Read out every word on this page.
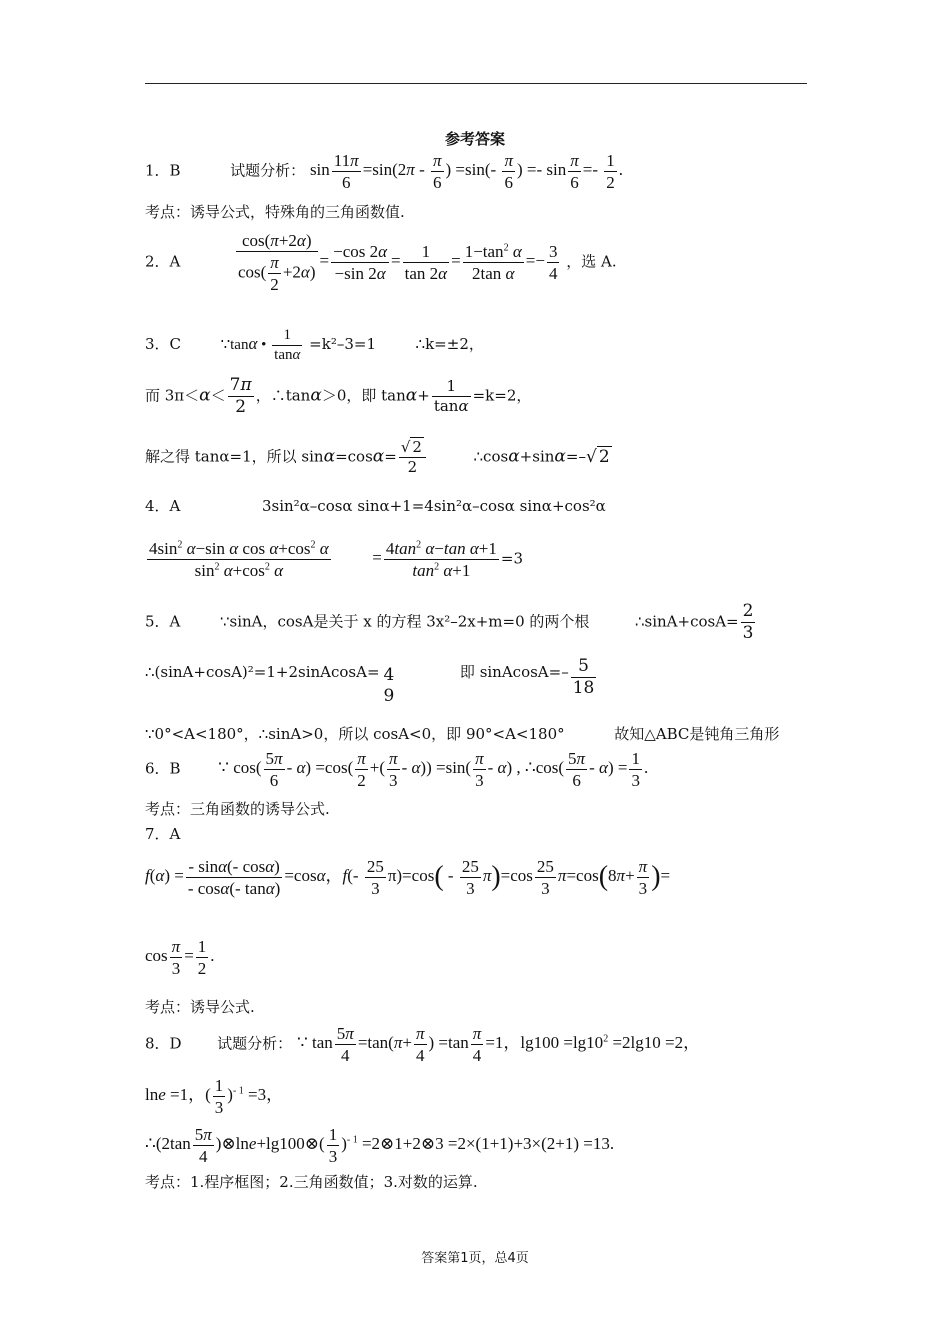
参考答案
1．B	试题分析： $\sin \frac{11\pi}{6} =\sin(2\pi - \frac{\pi}{6}$ ) $=\sin(- \frac{\pi}{6}$ ) =- $\sin \frac{\pi}{6} =- \frac{1}{2}$ .
考点：诱导公式，特殊角的三角函数值.
2．A	$\frac{\cos(\pi+2\alpha)}{\cos( \frac{\pi}{2} +2\alpha)} = \frac{-\cos 2\alpha}{-\sin 2\alpha} = \frac{1}{\tan 2\alpha} = \frac{1-\tan^2 \alpha}{\text{2tan α}} =- \frac{3}{4}$ ，选 A.
3．C	∵tanα • $\frac{1}{\tan\alpha} =k^2-3=1$	∴k=±2，
而 $3\pi<\alpha< \frac{7\pi}{2}$ ，∴tanα＞0，即 $\tan\alpha+ \frac{1}{\tan\alpha} =k=2$，
解之得 tanα=1，所以 $\sin\alpha=\cos\alpha= \frac{√ 2}{2}$	∴cosα+sinα=–√ 2
4．A	3sin²α–cosα sinα+1=4sin²α–cosα sinα+cos²α
$\frac{4\sin^2 \alpha-\sin \alpha \cos \alpha+\cos^2 \alpha}{\sin^2 \alpha+\cos^2 \alpha} = \frac{4\tan^2 \alpha-\tan \alpha+1}{\tan^2 \alpha+1} =3$
5．A	∵sinA，cosA是关于 x 的方程 3x²–2x+m=0 的两个根	∴sinA+cosA= $\frac{2}{3}$
∴(sinA+cosA)²=1+2sinAcosA= 4
9
即 sinAcosA=– $\frac{5}{18}$
∵0°<A<180°，∴sinA>0，所以 cosA<0，即 90°<A<180°	故知△ABC是钝角三角形
6．B ∵ $\cos( \frac{5\pi}{6} - \alpha) =\cos( \frac{\pi}{2}$ +( $\frac{\pi}{3} - \alpha)) =\sin( \frac{\pi}{3} - \alpha)$ , ∴cos( $\frac{5\pi}{6} - \alpha) = \frac{1}{3}$ .
考点：三角函数的诱导公式.
7．A
$f(\alpha) = \frac{- \sin\alpha(- \cos\alpha)}{- \cos\alpha(- \tan\alpha)} =\cos\alpha$，$f(- \frac{25}{3} \pi)=\cos( - \frac{25}{3} \pi)=\cos \frac{25}{3} \pi=\cos(8\pi+ \frac{\pi}{3}$ )=
$\cos \frac{\pi}{3} = \frac{1}{2}$ .
考点：诱导公式.
8．D 试题分析： ∵ $\tan \frac{5\pi}{4} =\tan(\pi+ \frac{\pi}{4}$ ) $=\tan \frac{\pi}{4} =1$，$\lg 100 =\lg 10^2 =2\lg 10 =2$，
lne =1，( $\frac{1}{3} )^{- 1} =3$，
∴(2tan $\frac{5\pi}{4}$ )⊗lne+lg100⊗( $\frac{1}{3} )^{- 1}$ =2⊗1+2⊗3 =2×(1+1)+3×(2+1) =13.
考点：1.程序框图；2.三角函数值；3.对数的运算.
答案第1页，总4页
